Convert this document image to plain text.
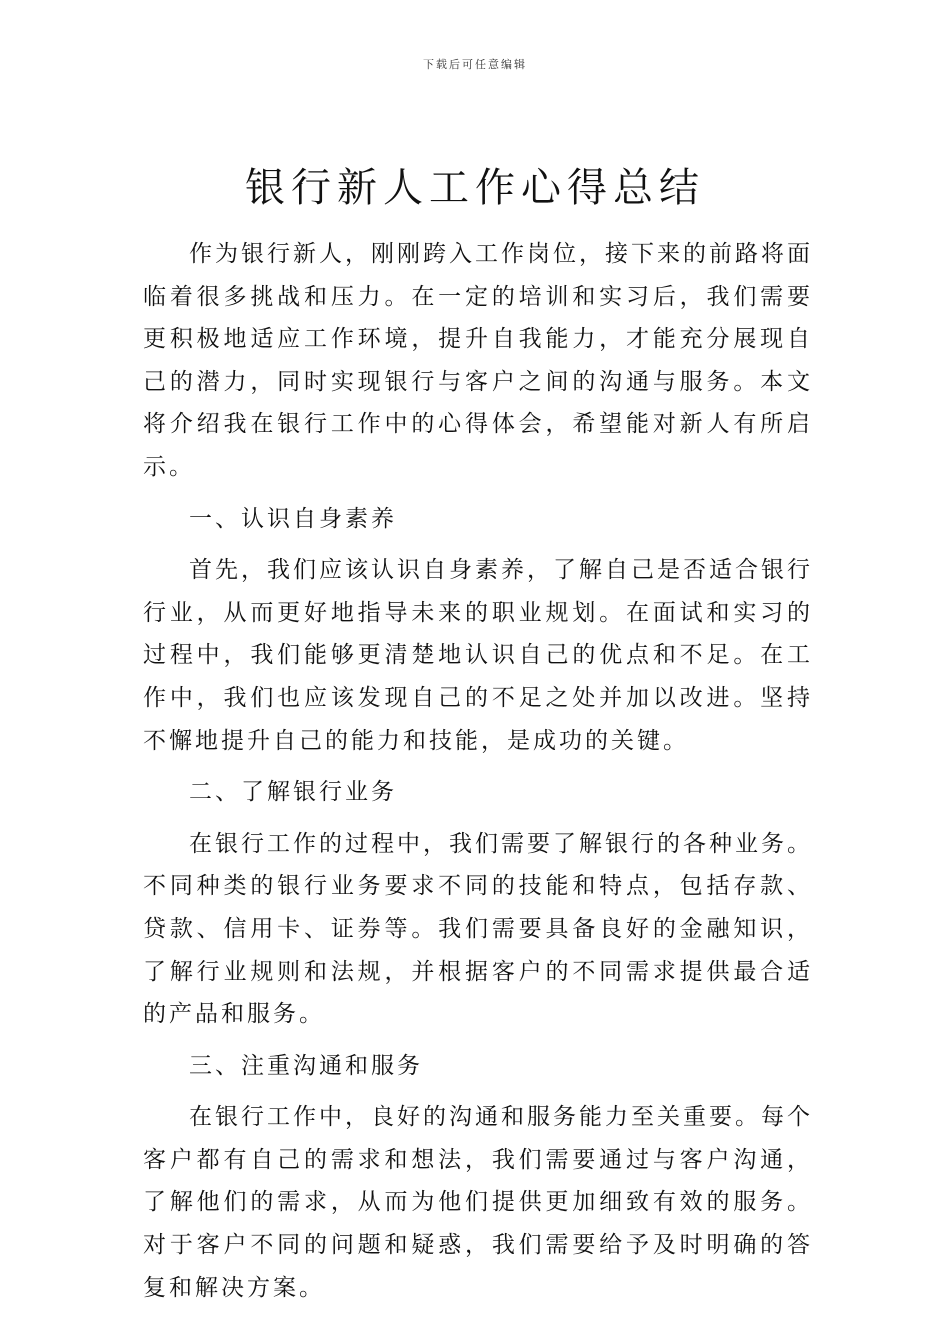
下载后可任意编辑
银行新人工作心得总结

作为银行新人，刚刚跨入工作岗位，接下来的前路将面临着很多挑战和压力。在一定的培训和实习后，我们需要更积极地适应工作环境，提升自我能力，才能充分展现自己的潜力，同时实现银行与客户之间的沟通与服务。本文将介绍我在银行工作中的心得体会，希望能对新人有所启示。

一、认识自身素养

首先，我们应该认识自身素养，了解自己是否适合银行行业，从而更好地指导未来的职业规划。在面试和实习的过程中，我们能够更清楚地认识自己的优点和不足。在工作中，我们也应该发现自己的不足之处并加以改进。坚持不懈地提升自己的能力和技能，是成功的关键。

二、了解银行业务

在银行工作的过程中，我们需要了解银行的各种业务。不同种类的银行业务要求不同的技能和特点，包括存款、贷款、信用卡、证券等。我们需要具备良好的金融知识，了解行业规则和法规，并根据客户的不同需求提供最合适的产品和服务。

三、注重沟通和服务

在银行工作中，良好的沟通和服务能力至关重要。每个客户都有自己的需求和想法，我们需要通过与客户沟通，了解他们的需求，从而为他们提供更加细致有效的服务。对于客户不同的问题和疑惑，我们需要给予及时明确的答复和解决方案。
